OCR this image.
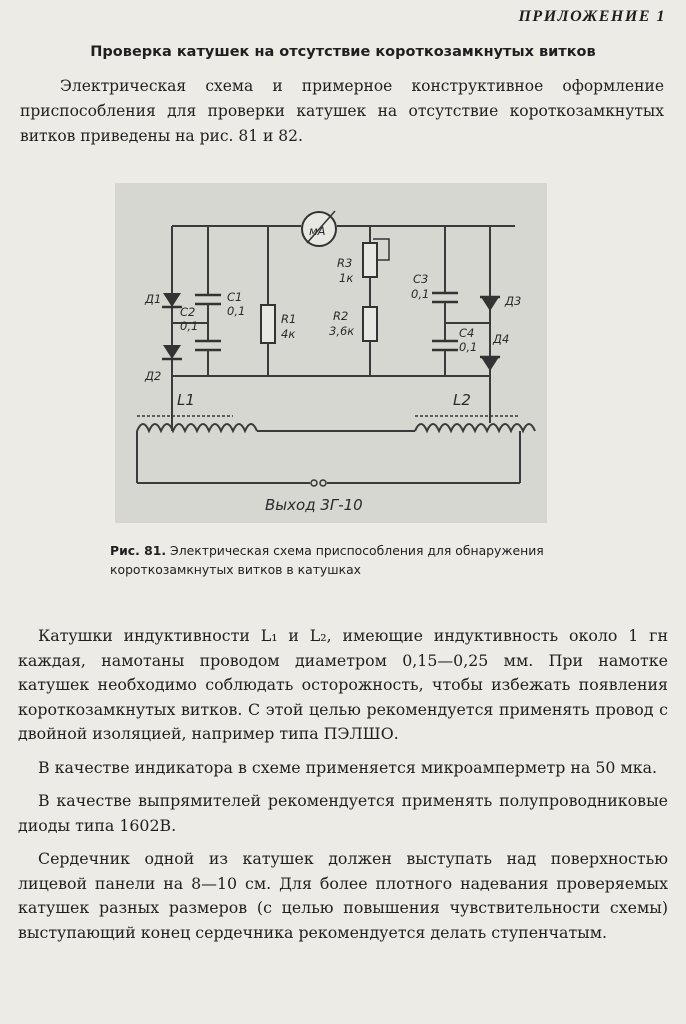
ПРИЛОЖЕНИЕ 1
Проверка катушек на отсутствие короткозамкнутых витков

Электрическая схема и примерное конструктивное оформление приспособления для проверки катушек на отсутствие короткозамкнутых витков приведены на рис. 81 и 82.

мА
Д1
Д2
C1
0,1
C2
0,1	R1
4к
R3
1к
R2
3,6к
C3
0,1
C4
0,1
Д3
Д4
L1	L2
Выход 3Г-10
Рис. 81. Электрическая схема приспособления для обнаружения короткозамкнутых витков в катушках

Катушки индуктивности L₁ и L₂, имеющие индуктивность около 1 гн каждая, намотаны проводом диаметром 0,15—0,25 мм. При намотке катушек необходимо соблюдать осторожность, чтобы избежать появления короткозамкнутых витков. С этой целью рекомендуется применять провод с двойной изоляцией, например типа ПЭЛШО.

В качестве индикатора в схеме применяется микроамперметр на 50 мка.

В качестве выпрямителей рекомендуется применять полупроводниковые диоды типа 1602В.

Сердечник одной из катушек должен выступать над поверхностью лицевой панели на 8—10 см. Для более плотного надевания проверяемых катушек разных размеров (с целью повышения чувствительности схемы) выступающий конец сердечника рекомендуется делать ступенчатым.
